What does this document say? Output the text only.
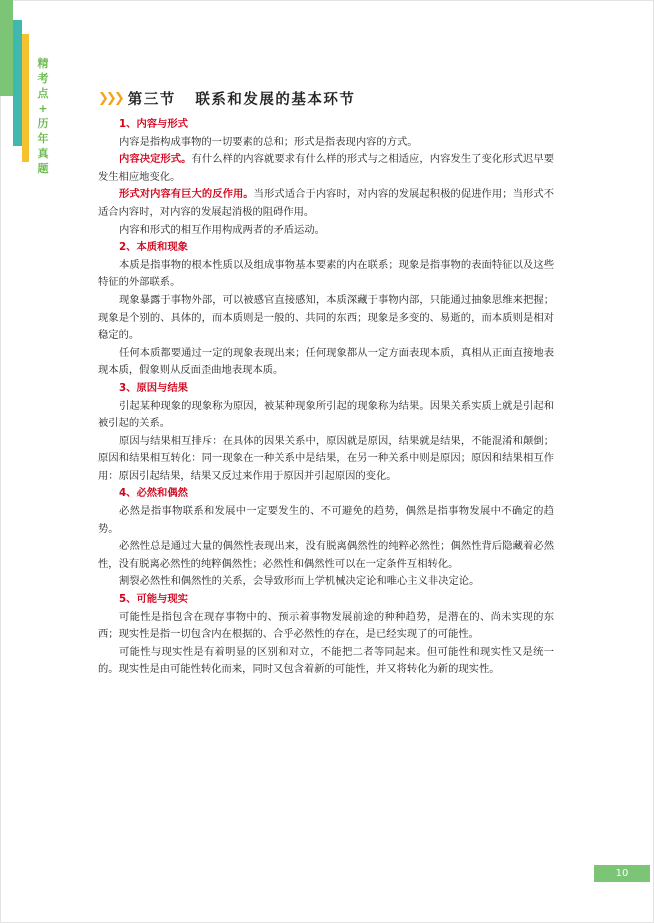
精
考
点
+
历
年
真
题
❯ ❯ ❯ 第三节   联系和发展的基本环节
1、内容与形式

内容是指构成事物的一切要素的总和；形式是指表现内容的方式。

内容决定形式。有什么样的内容就要求有什么样的形式与之相适应，内容发生了变化形式迟早要发生相应地变化。

形式对内容有巨大的反作用。当形式适合于内容时，对内容的发展起积极的促进作用；当形式不适合内容时，对内容的发展起消极的阻碍作用。

内容和形式的相互作用构成两者的矛盾运动。

2、本质和现象

本质是指事物的根本性质以及组成事物基本要素的内在联系；现象是指事物的表面特征以及这些特征的外部联系。

现象暴露于事物外部，可以被感官直接感知，本质深藏于事物内部，只能通过抽象思维来把握；现象是个别的、具体的，而本质则是一般的、共同的东西；现象是多变的、易逝的，而本质则是相对稳定的。

任何本质都要通过一定的现象表现出来；任何现象都从一定方面表现本质，真相从正面直接地表现本质，假象则从反面歪曲地表现本质。

3、原因与结果

引起某种现象的现象称为原因，被某种现象所引起的现象称为结果。因果关系实质上就是引起和被引起的关系。

原因与结果相互排斥：在具体的因果关系中，原因就是原因，结果就是结果，不能混淆和颠倒；原因和结果相互转化：同一现象在一种关系中是结果，在另一种关系中则是原因；原因和结果相互作用：原因引起结果，结果又反过来作用于原因并引起原因的变化。

4、必然和偶然

必然是指事物联系和发展中一定要发生的、不可避免的趋势，偶然是指事物发展中不确定的趋势。

必然性总是通过大量的偶然性表现出来，没有脱离偶然性的纯粹必然性；偶然性背后隐藏着必然性，没有脱离必然性的纯粹偶然性；必然性和偶然性可以在一定条件互相转化。

割裂必然性和偶然性的关系，会导致形而上学机械决定论和唯心主义非决定论。

5、可能与现实

可能性是指包含在现存事物中的、预示着事物发展前途的种种趋势，是潜在的、尚未实现的东西；现实性是指一切包含内在根据的、合乎必然性的存在，是已经实现了的可能性。

可能性与现实性是有着明显的区别和对立，不能把二者等同起来。但可能性和现实性又是统一的。现实性是由可能性转化而来，同时又包含着新的可能性，并又将转化为新的现实性。

10
